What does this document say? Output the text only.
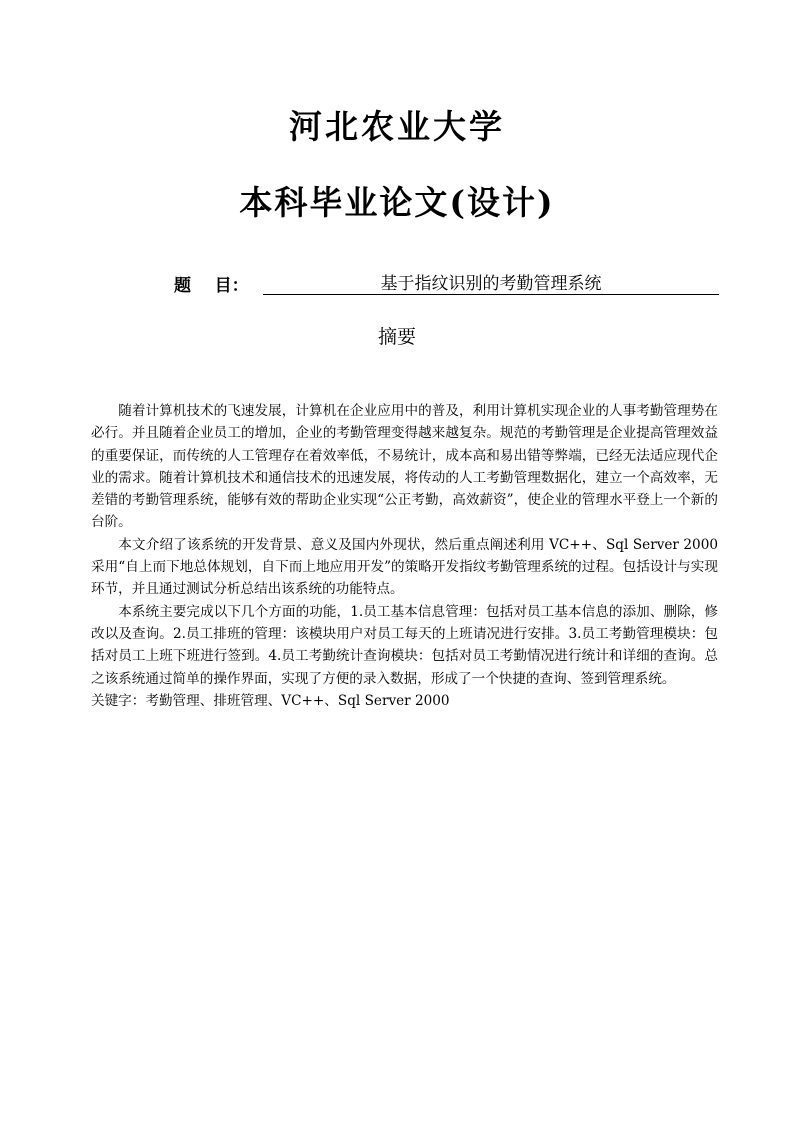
河北农业大学
本科毕业论文(设计)
题    目：	基于指纹识别的考勤管理系统
摘要

随着计算机技术的飞速发展，计算机在企业应用中的普及，利用计算机实现企业的人事考勤管理势在必行。并且随着企业员工的增加，企业的考勤管理变得越来越复杂。规范的考勤管理是企业提高管理效益的重要保证，而传统的人工管理存在着效率低，不易统计，成本高和易出错等弊端，已经无法适应现代企业的需求。随着计算机技术和通信技术的迅速发展，将传动的人工考勤管理数据化，建立一个高效率，无差错的考勤管理系统，能够有效的帮助企业实现“公正考勤，高效薪资”，使企业的管理水平登上一个新的台阶。

本文介绍了该系统的开发背景、意义及国内外现状，然后重点阐述利用 VC++、Sql Server 2000采用“自上而下地总体规划，自下而上地应用开发”的策略开发指纹考勤管理系统的过程。包括设计与实现环节，并且通过测试分析总结出该系统的功能特点。

本系统主要完成以下几个方面的功能，1.员工基本信息管理：包括对员工基本信息的添加、删除，修改以及查询。2.员工排班的管理：该模块用户对员工每天的上班请况进行安排。3.员工考勤管理模块：包括对员工上班下班进行签到。4.员工考勤统计查询模块：包括对员工考勤情况进行统计和详细的查询。总之该系统通过简单的操作界面，实现了方便的录入数据，形成了一个快捷的查询、签到管理系统。

关键字：考勤管理、排班管理、VC++、Sql Server 2000
